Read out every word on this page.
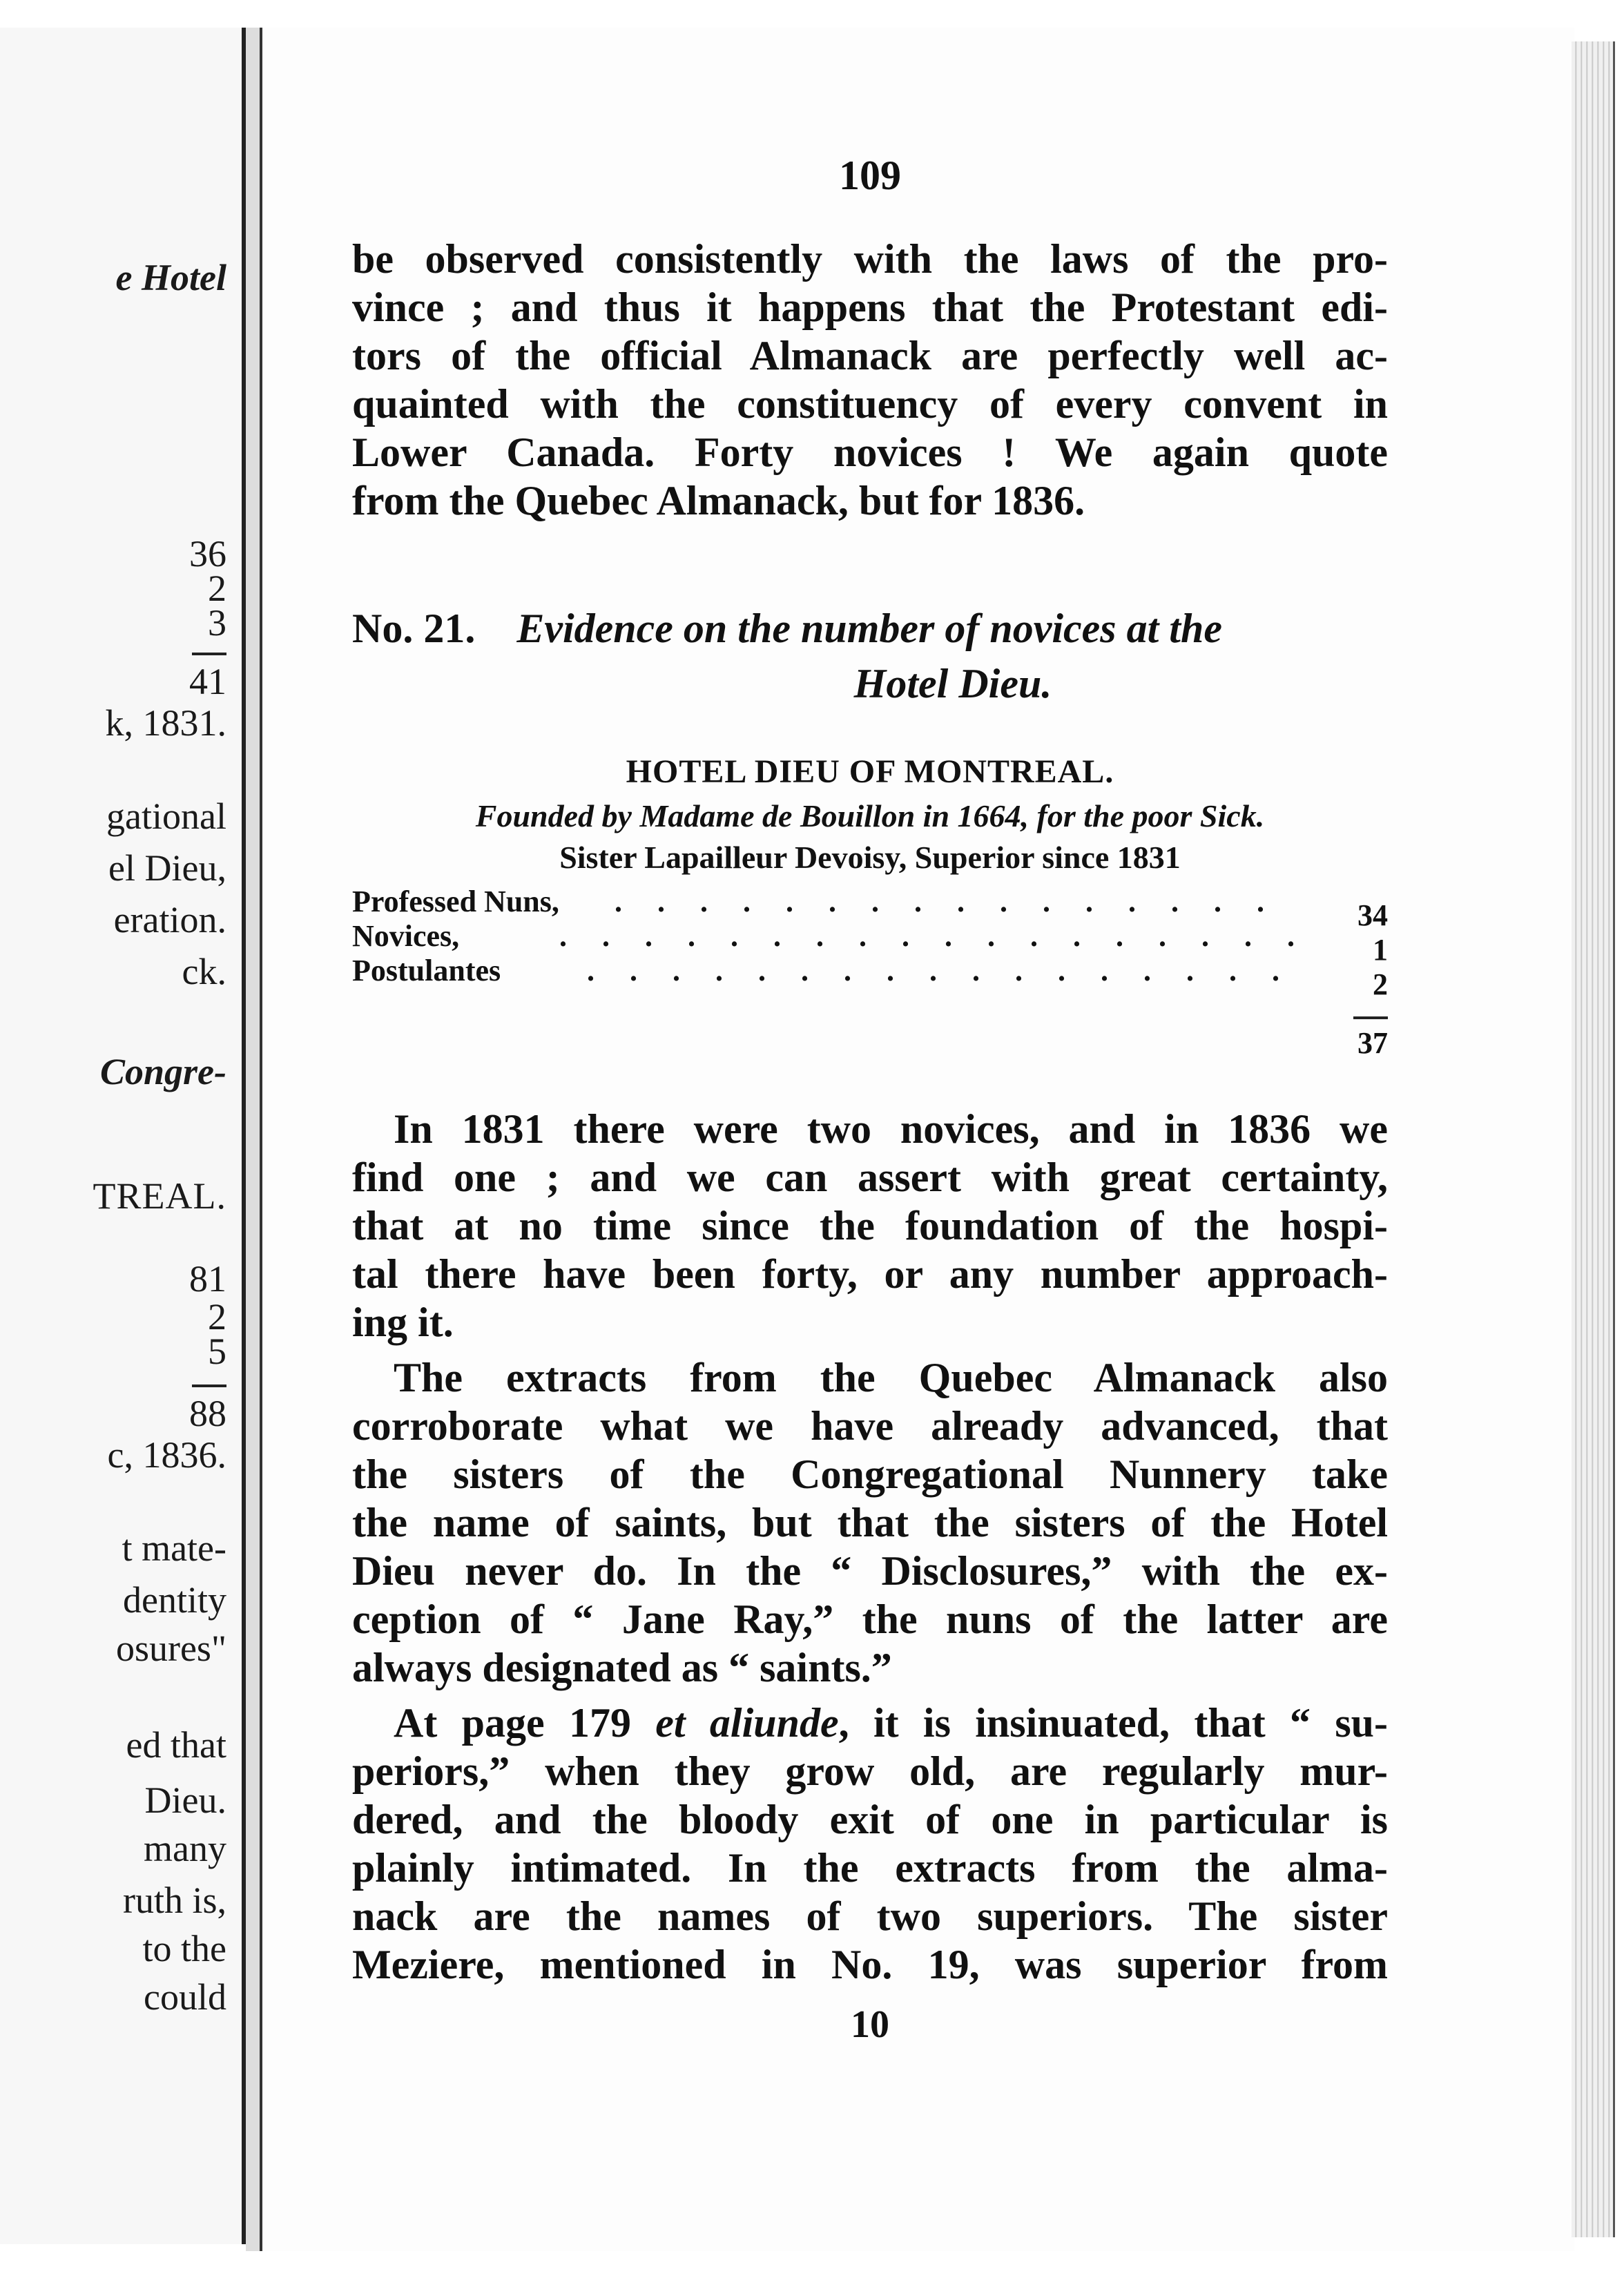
e Hotel
36
2
3
41
k, 1831.
gational
el Dieu,
eration.
ck.
Congre-
TREAL.
81
2
5
88
c, 1836.
t mate-
dentity
osures"
ed that
Dieu.
many
ruth is,
to the
could
109
be observed consistently with the laws of the pro-
vince ; and thus it happens that the Protestant edi-
tors of the official Almanack are perfectly well ac-
quainted with the constituency of every convent in
Lower Canada. Forty novices ! We again quote
from the Quebec Almanack, but for 1836.
No. 21. Evidence on the number of novices at the
Hotel Dieu.
HOTEL DIEU OF MONTREAL.
Founded by Madame de Bouillon in 1664, for the poor Sick.
Sister Lapailleur Devoisy, Superior since 1831
Professed Nuns, . . . . . . . . . . . . . . . .	34
Novices,	. . . . . . . . . . . . . . . . . . 1
Postulantes	. . . . . . . . . . . . . . . . .	2
37
In 1831 there were two novices, and in 1836 we
find one ; and we can assert with great certainty,
that at no time since the foundation of the hospi-
tal there have been forty, or any number approach-
ing it.
The extracts from the Quebec Almanack also
corroborate what we have already advanced, that
the sisters of the Congregational Nunnery take
the name of saints, but that the sisters of the Hotel
Dieu never do. In the “ Disclosures,” with the ex-
ception of “ Jane Ray,” the nuns of the latter are
always designated as “ saints.”
At page 179 et aliunde, it is insinuated, that “ su-
periors,” when they grow old, are regularly mur-
dered, and the bloody exit of one in particular is
plainly intimated. In the extracts from the alma-
nack are the names of two superiors. The sister
Meziere, mentioned in No. 19, was superior from
10
